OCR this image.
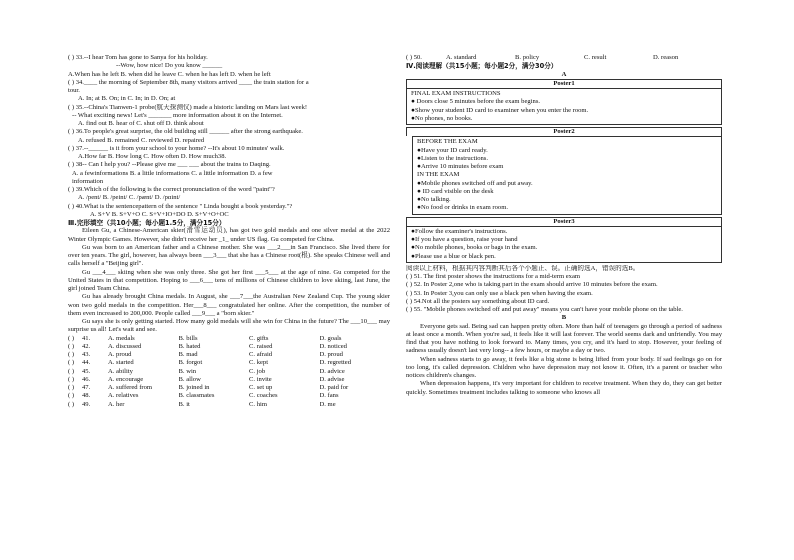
( ) 33.--I hear Tom has gone to Sanya for his holiday.
--Wow, how nice! Do you know ______
A.When has he left B. when did he leave C. when he has left D. when he left
( ) 34.____ the morning of September 8th, many visitors arrived ____ the train station for a
tour.
A. In; at B. On; in C. In; in D. On; at
( ) 35.--China's Tianwen-1 probe(航天探测仪) made a historic landing on Mars last week!
-- What exciting news! Let's _______ more information about it on the Internet.
A. find out B. hear of C. shut off D. think about
( ) 36.To people's great surprise, the old building still ______ after the strong earthquake.
A. refused B. remained C. reviewed D. repaired
( ) 37.--______ is it from your school to your home? --It's about 10 minutes' walk.
A.How far B. How long C. How often D. How much38.
( ) 38-- Can I help you? --Please give me ___ ___ about the trains to Daqing.
A. a fewinformations B. a little informations C. a little information D. a few
information
( ) 39.Which of the following is the correct pronunciation of the word "paint"?
A. /pent/ B. /peint/ C. /pænt/ D. /pɑint/
( ) 40.What is the sentencepattern of the sentence " Linda bought a book yesterday."?
A. S+V B. S+V+O C. S+V+IO+DO D. S+V+O+OC
Ⅲ.完形填空（共10小题；每小题1.5分，满分15分）
Eileen Gu, a Chinese-American skier(滑雪运动员), has got two gold medals and one silver medal at the 2022 Winter Olympic Games. However, she didn't receive her _1_ under US flag. Gu competed for China.
Gu was born to an American father and a Chinese mother. She was ___2___in San Francisco. She lived there for over ten years. The girl, however, has always been ___3___ that she has a Chinese root(根). She speaks Chinese well and calls herself a "Beijing girl".
Gu ___4___ skiing when she was only three. She got her first ___5___ at the age of nine. Gu competed for the United States in that competition. Hoping to ___6___ tens of millions of Chinese children to love skiing, last June, the girl joined Team China.
Gu has already brought China medals. In August, she ___7___the Australian New Zealand Cup. The young skier won two gold medals in the competition. Her___8___ congratulated her online. After the competition, the number of them even increased to 200,000. People called ___9___ a "born skier."
Gu says she is only getting started. How many gold medals will she win for China in the future? The ___10___ may surprise us all! Let's wait and see.
( )	41.	A. medals	B. bills	C. gifts	D. goals
( )	42.	A. discussed	B. hated	C. raised	D. noticed
( )	43.	A. proud	B. mad	C. afraid	D. proud
( )	44.	A. started	B. forgot	C. kept	D. regretted
( )	45.	A. ability	B. win	C. job	D. advice
( )	46.	A. encourage	B. allow	C. invite	D. advise
( )	47.	A. suffered from	B. joined in	C. set up	D. paid for
( )	48.	A. relatives	B. classmates	C. coaches	D. fans
( )	49.	A. her	B. it	C. him	D. me
( ) 50.	A. standard	B. policy	C. result	D. reason
Ⅳ.阅读理解（共15小题；每小题2分，满分30分）
A
Poster1
FINAL EXAM INSTRUCTIONS
● Doors close 5 minutes before the exam begins.
●Show your student ID card to examiner when you enter the room.
●No phones, no books.
Poster2
BEFORE THE EXAM
●Have your ID card ready.
●Listen to the instructions.
●Arrive 10 minutes before exam
IN THE EXAM
●Mobile phones switched off and put away.
● ID card visible on the desk
●No talking.
●No food or drinks in exam room.
Poster3
●Follow the examiner's instructions.
●If you have a question, raise your hand
●No mobile phones, books or bags in the exam.
●Please use a blue or black pen.
阅读以上材料，根据其内容判断其后各个小题正、误。正确的选A，错误的选B。
( ) 51. The first poster shows the instructions for a mid-term exam
( ) 52. In Poster 2,one who is taking part in the exam should arrive 10 minutes before the exam.
( ) 53. In Poster 3,you can only use a black pen when having the exam.
( ) 54.Not all the posters say something about ID card.
( ) 55. "Mobile phones switched off and put away" means you can't have your mobile phone on the table.
B
Everyone gets sad. Being sad can happen pretty often. More than half of teenagers go through a period of sadness at least once a month. When you're sad, it feels like it will last forever. The world seems dark and unfriendly. You may find that you have nothing to look forward to. Many times, you cry, and it's hard to stop. However, your feeling of sadness usually doesn't last very long-- a few hours, or maybe a day or two.
When sadness starts to go away, it feels like a big stone is being lifted from your body. If sad feelings go on for too long, it's called depression. Children who have depression may not know it. Often, it's a parent or teacher who notices children's changes.
When depression happens, it's very important for children to receive treatment. When they do, they can get better quickly. Sometimes treatment includes talking to someone who knows all
